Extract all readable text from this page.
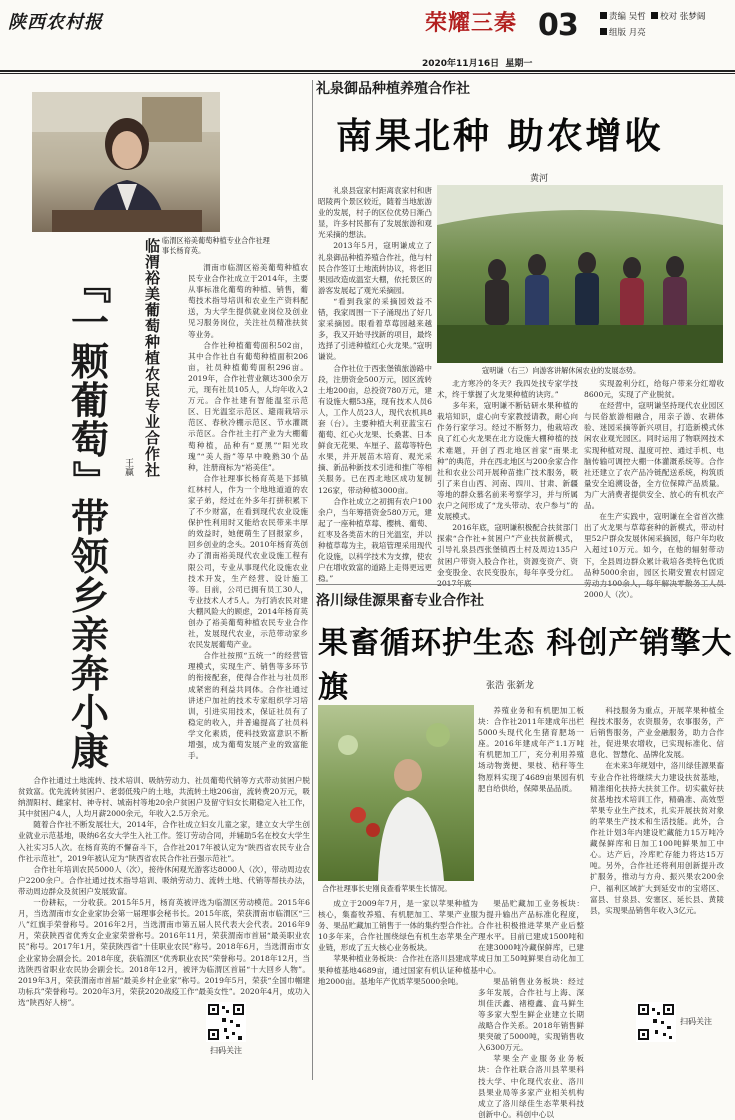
陕西农村报	荣耀三秦 03	责编 吴哲 校对 张梦阔
组版 月亮
2020年11月16日 星期一
临渭区裕美葡萄种植专业合作社理事长杨育英。
临渭裕美葡萄种植农民专业合作社
『
一
颗
葡
萄
』
带
领
乡
亲
奔
小
康
王赢

渭南市临渭区裕美葡萄种植农民专业合作社成立于2014年，主要从事标准化葡萄的种植、销售，葡萄技术指导培训和农业生产资料配送，为大学生提供就业岗位及创业见习服务岗位，关注社员精准扶贫等业务。

合作社种植葡萄面积502亩，其中合作社自有葡萄种植面积206亩，社员种植葡萄面积296亩。2019年，合作社营业额达300余万元，现有社员105人，人均年收入2万元。合作社建有智能温室示范区、日光温室示范区、避雨栽培示范区、春秋冷棚示范区、节水灌溉示范区。合作社主打产业为大棚葡萄种植，品种有“夏黑”“阳光玫瑰”“美人指”等早中晚熟30个品种，注册商标为“裕美佳”。

合作社理事长杨育英是下邽镇红林村人，作为一个地地道道的农家子弟，经过在外多年打拼积累下了不少财富，在看到现代农业设施保护性利用时又能给农民带来丰厚的效益时，她便萌生了回报家乡，回乡创业的念头。2010年杨育英创办了渭南裕美现代农业设施工程有限公司，专业从事现代化设施农业技术开发，生产经营、设计施工等。目前，公司已拥有员工30人，专业技术人才5人。为打消农民对建大棚风险大的顾虑，2014年杨育英创办了裕美葡萄种植农民专业合作社，发展现代农业，示范带动家乡农民发展葡萄产业。

合作社按照“五统一”的经营管理模式，实现生产、销售等多环节的衔接配套，使得合作社与社员形成紧密的利益共同体。合作社通过讲述户加社的技术专家组织学习培训，引进实用技术，保证社员有了稳定的收入，并普遍提高了社员科学文化素质，使科技致富意识不断增强，成为葡萄发展产业的致富能手。

合作社通过土地流转、技术培训、吸纳劳动力、社员葡萄代销等方式带动贫困户脱贫致富。优先流转贫困户、老弱低残户的土地，共流转土地206亩，流转费20万元，吸纳渭阳村、雌家村、神寺村、城南村等地20余户贫困户及留守妇女长期稳定入社工作，其中贫困户4人，人均月薪2000余元，年收入2.5万余元。

随着合作社不断发展壮大，2014年，合作社成立妇女儿童之家，建立女大学生创业就业示范基地，吸纳6名女大学生入社工作。签订劳动合同，并辅助5名在校女大学生入社实习5人次。在杨育英的不懈奋斗下，合作社2017年被认定为“陕西省农民专业合作社示范社”，2019年被认定为“陕西省农民合作社百强示范社”。

合作社年培训农民5000人（次），接待休闲观光游客达8000人（次），带动周边农户2200余户。合作社通过技术指导培训、吸纳劳动力、流转土地、代销等帮扶办法，带动周边群众及贫困户发展致富。

一份耕耘，一分收获。2015年5月，杨育英被评选为临渭区劳动模范。2015年6月，当选渭南市女企业家协会第一届理事会秘书长。2015年底，荣获渭南市临渭区“三八”红旗手荣誉称号。2016年2月，当选渭南市第五届人民代表大会代表。2016年9月，荣获陕西省优秀女企业家荣誉称号。2016年11月，荣获渭南市首届“最美职业农民”称号。2017年1月，荣获陕西省“十佳职业农民”称号。2018年6月，当选渭南市女企业家协会副会长。2018年度，获临渭区“优秀职业农民”荣誉称号。2018年12月，当选陕西省职业农民协会副会长。2018年12月，被评为临渭区首届“十大回乡人物”。2019年3月，荣获渭南市首届“最美乡村企业家”称号。2019年5月，荣获“全国巾帼建功标兵”荣誉称号。2020年3月，荣获2020战疫工作“最美女性”。2020年4月，成功入选“陕西好人榜”。

扫码关注
礼泉御品种植养殖合作社
南果北种 助农增收
黄河

礼泉县寇家村距离袁家村和唐昭陵两个景区较近，随着当地旅游业的发展，村子的区位优势日渐凸显，许多村民都有了发展旅游和观光采摘的想法。

2013年5月，寇明谦成立了礼泉御品种植养殖合作社，他与村民合作签订土地流转协议，将老旧果园改造成温室大棚，依托景区的游客发展起了观光采摘园。

“看到我家的采摘园效益不错，我家周围一下子涌现出了好几家采摘园。眼看着草莓园越来越多，我又开始寻找新的项目，最终选择了引进种植红心火龙果。”寇明谦说。

合作社位于西张堡镇旅游路中段，注册资金500万元，园区流转土地200亩，总投资780万元，建有设施大棚53座，现有技术人员6人，工作人员23人，现代农机具8套（台）。主要种植大利亚蓝宝石葡萄、红心火龙果、长桑葚、日本鲜食无花果、车厘子、蓝莓等特色水果，并开展苗木培育、观光采摘、新品种新技术引进和推广等相关服务。已在西北地区成功复制126家，带动种植3000亩。

合作社成立之初拥有农户100余户，当年筹措资金580万元，建起了一座种植草莓、樱桃、葡萄、红枣及各类苗木的日光温室，并以种植草莓为主，栽培管理采用现代化设施，以科学技术为支撑，使农户在增收致富的道路上走得更远更稳。”

寇明谦（右三）向游客讲解休闲农业的发展态势。

北方寒冷的冬天？我四处找专家学技术，终于掌握了火龙果种植的诀窍。”

多年来，寇明谦不断钻研水果种植的栽培知识，虚心向专家教授请教，耐心向作务行家学习。经过不断努力，他栽培改良了红心火龙果在北方设施大棚种植的技术难题，开创了西北地区首家“南果北种”的典范，并在西北地区与200余家合作社和农业公司开展种苗推广技术服务，吸引了来自山西、河南、四川、甘肃、新疆等地的群众慕名前来考察学习，并与所属农户之间形成了“龙头带动、农户参与”的发展模式。

2016年底，寇明谦积极配合扶贫部门探索“合作社+贫困户”产业扶贫新模式，引导礼泉县西张堡镇西土村及周边135户贫困户带资入股合作社，资源变资产、资金变股金、农民变股东，每年享受分红。

实现盈利分红，给每户带来分红增收8600元，实现了产业脱贫。

在经营中，寇明谦坚持现代农业园区与民俗旅游相融合，用亲子游、农耕体验、迷园采摘等新兴项目，打造新模式休闲农业观光园区。同时运用了物联网技术实现种植对现、温度可控、通过手机、电脑传输可调控大棚一体灌溉系统等。合作社还建立了农产品冷链配送系统，构筑质量安全追溯设备，全方位保障产品质量。为广大消费者提供安全、放心的有机农产品。

在生产实践中，寇明谦在全省首次推出了火龙果与草莓套种的新模式，带动村里52户群众发展休闲采摘园，每户年均收入超过10万元。如今，在他的辐射带动下，全县周边群众累计栽培各类特色优质品种5000余亩，园区长期安置农村固定 2000人（次）。

洛川绿佳源果畜专业合作社
果畜循环护生态 科创产销擎大旗	张浩 张新龙
合作社理事长史刚良查看苹果生长情况。

养殖业务和有机肥加工板块：合作社2011年建成年出栏5000头现代化生猪育肥场一座。2016年建成年产1.1万吨有机肥加工厂，充分利用养殖场动物粪便、果枝、秸秆等生物原料实现了4689亩果园有机肥自给供给，保障果品品质。

成立于2009年7月，是一家以苹果种植为核心，集畜牧养殖、有机肥加工、苹果产业服务、果品贮藏加工销售于一体的集约型合作社。10多年来，合作社围绕绿色有机生态苹果全产业链，形成了五大核心业务板块。

苹果种植业务板块：合作社在洛川县建成苹果种植基地4689亩，通过国家有机认证种植基地2000亩。基地年产优质苹果5000余吨。

果品贮藏加工业务板块：为提升输出产品标准化程度，合作社积极推进苹果产业后整理水平。目前已建成1500吨和在建3000吨冷藏保鲜库，已建成日加工50吨鲜果自动化加工中心。

果品销售业务板块：经过多年发展，合作社与上海、深圳佳沃鑫、褚橙鑫、盒马鲜生等多家大型生鲜企业建立长期战略合作关系。2018年销售鲜果突破了5000吨，实现销售收入6300万元。

苹果全产业服务业务板块：合作社联合洛川县苹果科技大学、中化现代农业、洛川县果业局等多家产业相关机构成立了洛川绿佳生态苹果科技创新中心。科创中心以

科技服务为重点，开展苹果种植全程技术服务，农资服务，农事服务，产后销售服务，产业金融服务，助力合作社，促进果农增收，已实现标准化、信息化、智慧化、品牌化发展。

在未来3年规划中，洛川绿佳源果畜专业合作社将继续大力建设扶贫基地，精准细化扶持大扶贫工作。切实截好扶贫基地技术培训工作，精确准、高效型苹果专业生产技术，扎实开展扶贫对象的苹果生产技术和生活技能。此外，合作社计划3年内建设贮藏能力15万吨冷藏保鲜库和日加工100吨鲜果加工中心。达产后，冷库贮存能力将达15万吨。另外，合作社还将利用创新提升改扩服务，推动与方舟、振兴果农200余户、福利区域扩大到延安市的宝塔区、富县、甘泉县、安塞区、延长县、黄陵县，实现果品销售年收入3亿元。

扫码关注
